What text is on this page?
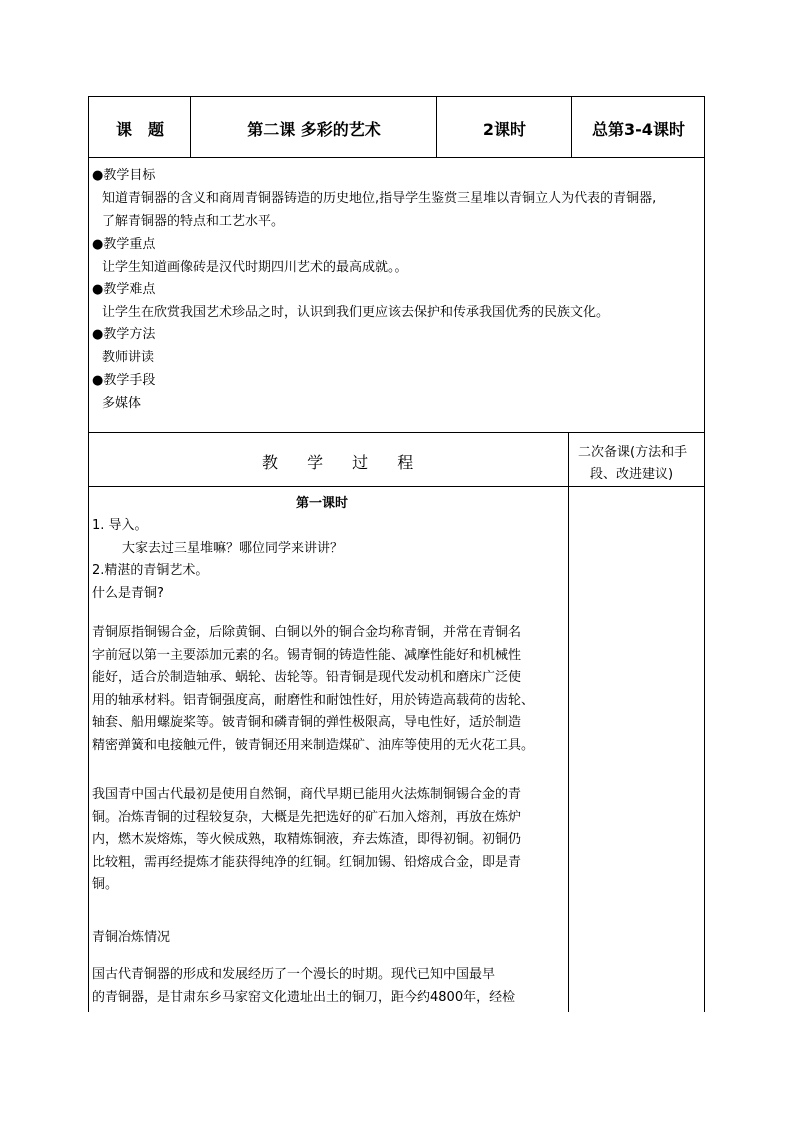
课　题	第二课 多彩的艺术	2课时	总第3-4课时
●教学目标
知道青铜器的含义和商周青铜器铸造的历史地位,指导学生鉴赏三星堆以青铜立人为代表的青铜器,
了解青铜器的特点和工艺水平。
●教学重点
让学生知道画像砖是汉代时期四川艺术的最高成就。。
●教学难点
让学生在欣赏我国艺术珍品之时，认识到我们更应该去保护和传承我国优秀的民族文化。
●教学方法
教师讲读
●教学手段
多媒体
教 学 过 程
二次备课(方法和手
段、改进建议)
第一课时
1. 导入。
大家去过三星堆嘛？哪位同学来讲讲？
2.精湛的青铜艺术。
什么是青铜?
青铜原指铜锡合金，后除黄铜、白铜以外的铜合金均称青铜，并常在青铜名
字前冠以第一主要添加元素的名。锡青铜的铸造性能、减摩性能好和机械性
能好，适合於制造轴承、蜗轮、齿轮等。铅青铜是现代发动机和磨床广泛使
用的轴承材料。铝青铜强度高，耐磨性和耐蚀性好，用於铸造高载荷的齿轮、
轴套、船用螺旋桨等。铍青铜和磷青铜的弹性极限高，导电性好，适於制造
精密弹簧和电接触元件，铍青铜还用来制造煤矿、油库等使用的无火花工具。
我国青中国古代最初是使用自然铜，商代早期已能用火法炼制铜锡合金的青
铜。冶炼青铜的过程较复杂，大概是先把选好的矿石加入熔剂，再放在炼炉
内，燃木炭熔炼，等火候成熟，取精炼铜液，弃去炼渣，即得初铜。初铜仍
比较粗，需再经提炼才能获得纯净的红铜。红铜加锡、铅熔成合金，即是青
铜。
青铜冶炼情况
国古代青铜器的形成和发展经历了一个漫长的时期。现代已知中国最早
的青铜器，是甘肃东乡马家窑文化遗址出土的铜刀，距今约4800年，经检
